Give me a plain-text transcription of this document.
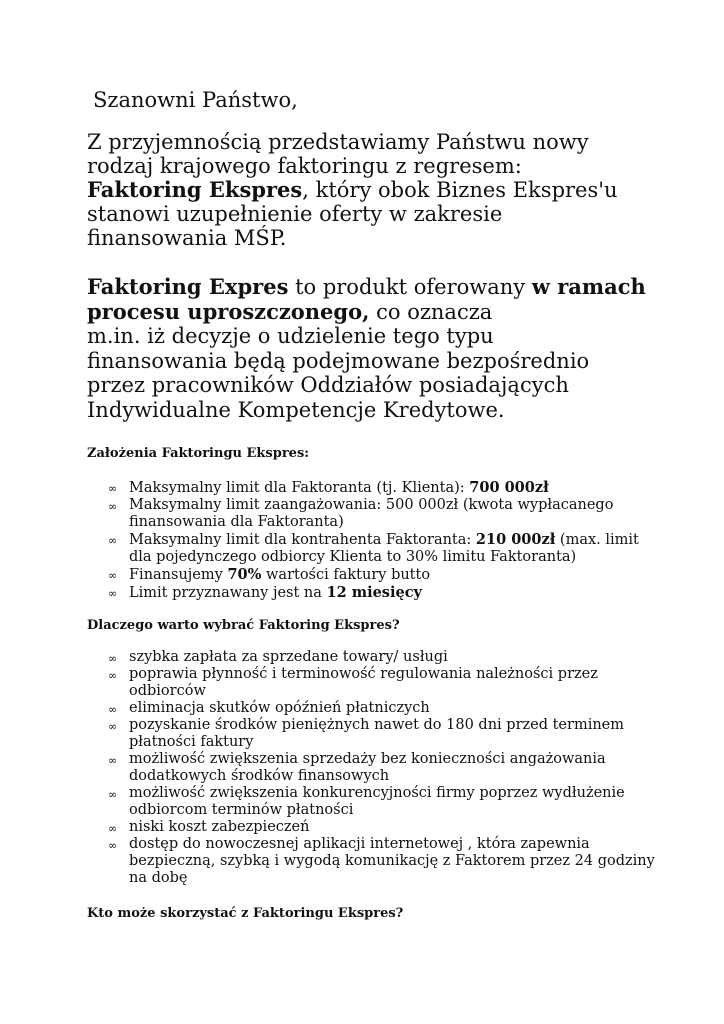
Szanowni Państwo,
Z przyjemnością przedstawiamy Państwu nowy
rodzaj krajowego faktoringu z regresem:
Faktoring Ekspres, który obok Biznes Ekspres'u
stanowi uzupełnienie oferty w zakresie
finansowania MŚP.
Faktoring Expres to produkt oferowany w ramach
procesu uproszczonego, co oznacza
m.in. iż decyzje o udzielenie tego typu
finansowania będą podejmowane bezpośrednio
przez pracowników Oddziałów posiadających
Indywidualne Kompetencje Kredytowe.
Założenia Faktoringu Ekspres:
∞ Maksymalny limit dla Faktoranta (tj. Klienta): 700 000zł
∞ Maksymalny limit zaangażowania: 500 000zł (kwota wypłacanego
finansowania dla Faktoranta)
∞ Maksymalny limit dla kontrahenta Faktoranta: 210 000zł (max. limit
dla pojedynczego odbiorcy Klienta to 30% limitu Faktoranta)
∞ Finansujemy 70% wartości faktury butto
∞ Limit przyznawany jest na 12 miesięcy
Dlaczego warto wybrać Faktoring Ekspres?
∞ szybka zapłata za sprzedane towary/ usługi
∞ poprawia płynność i terminowość regulowania należności przez
odbiorców
∞ eliminacja skutków opóźnień płatniczych
∞ pozyskanie środków pieniężnych nawet do 180 dni przed terminem
płatności faktury
∞ możliwość zwiększenia sprzedaży bez konieczności angażowania
dodatkowych środków finansowych
∞ możliwość zwiększenia konkurencyjności firmy poprzez wydłużenie
odbiorcom terminów płatności
∞ niski koszt zabezpieczeń
∞ dostęp do nowoczesnej aplikacji internetowej , która zapewnia
bezpieczną, szybką i wygodą komunikację z Faktorem przez 24 godziny
na dobę
Kto może skorzystać z Faktoringu Ekspres?
